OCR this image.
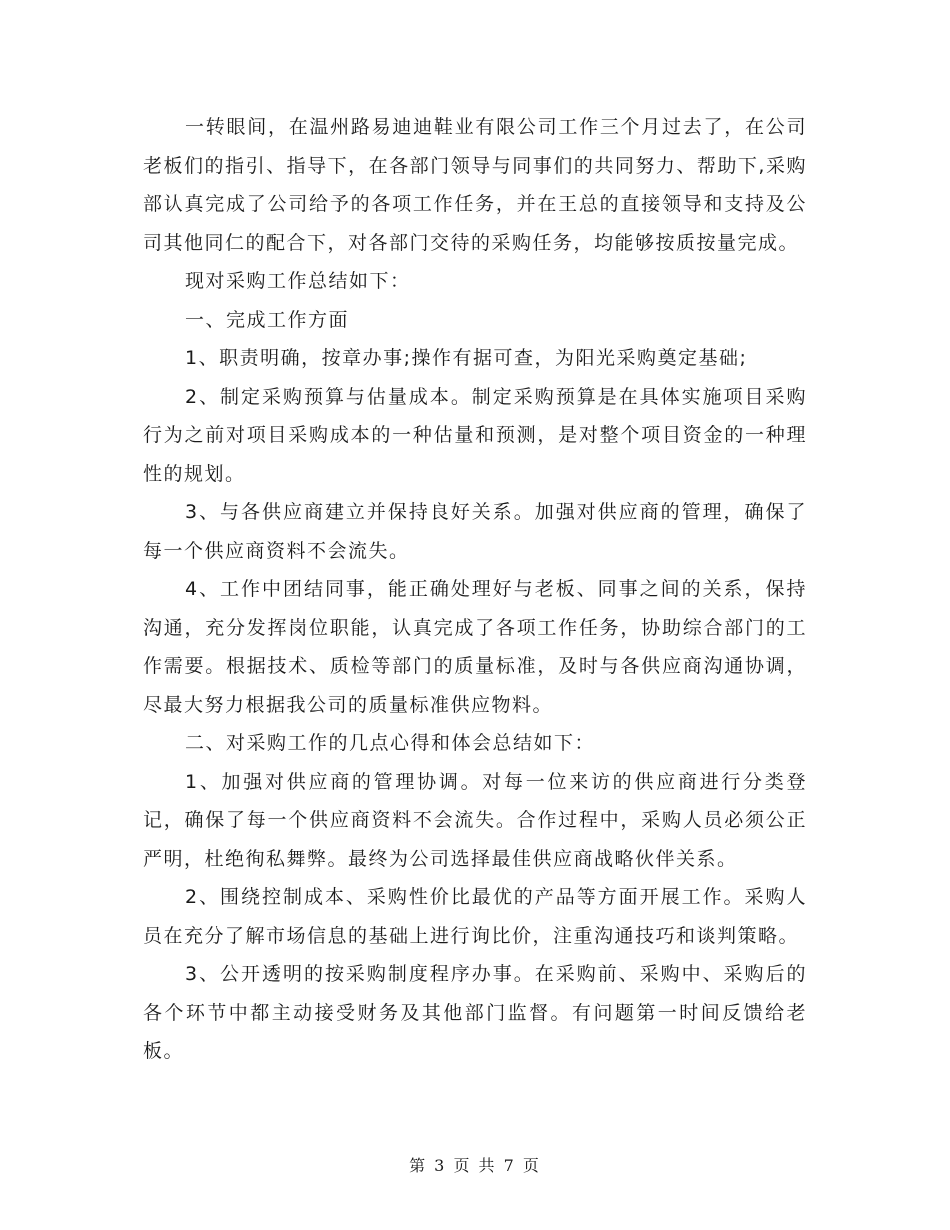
一转眼间，在温州路易迪迪鞋业有限公司工作三个月过去了，在公司老板们的指引、指导下，在各部门领导与同事们的共同努力、帮助下,采购部认真完成了公司给予的各项工作任务，并在王总的直接领导和支持及公司其他同仁的配合下，对各部门交待的采购任务，均能够按质按量完成。

现对采购工作总结如下：

一、完成工作方面

1、职责明确，按章办事;操作有据可查，为阳光采购奠定基础;

2、制定采购预算与估量成本。制定采购预算是在具体实施项目采购行为之前对项目采购成本的一种估量和预测，是对整个项目资金的一种理性的规划。

3、与各供应商建立并保持良好关系。加强对供应商的管理，确保了每一个供应商资料不会流失。

4、工作中团结同事，能正确处理好与老板、同事之间的关系，保持沟通，充分发挥岗位职能，认真完成了各项工作任务，协助综合部门的工作需要。根据技术、质检等部门的质量标准，及时与各供应商沟通协调，尽最大努力根据我公司的质量标准供应物料。

二、对采购工作的几点心得和体会总结如下：

1、加强对供应商的管理协调。对每一位来访的供应商进行分类登记，确保了每一个供应商资料不会流失。合作过程中，采购人员必须公正严明，杜绝徇私舞弊。最终为公司选择最佳供应商战略伙伴关系。

2、围绕控制成本、采购性价比最优的产品等方面开展工作。采购人员在充分了解市场信息的基础上进行询比价，注重沟通技巧和谈判策略。

3、公开透明的按采购制度程序办事。在采购前、采购中、采购后的各个环节中都主动接受财务及其他部门监督。有问题第一时间反馈给老板。

第 3 页 共 7 页
